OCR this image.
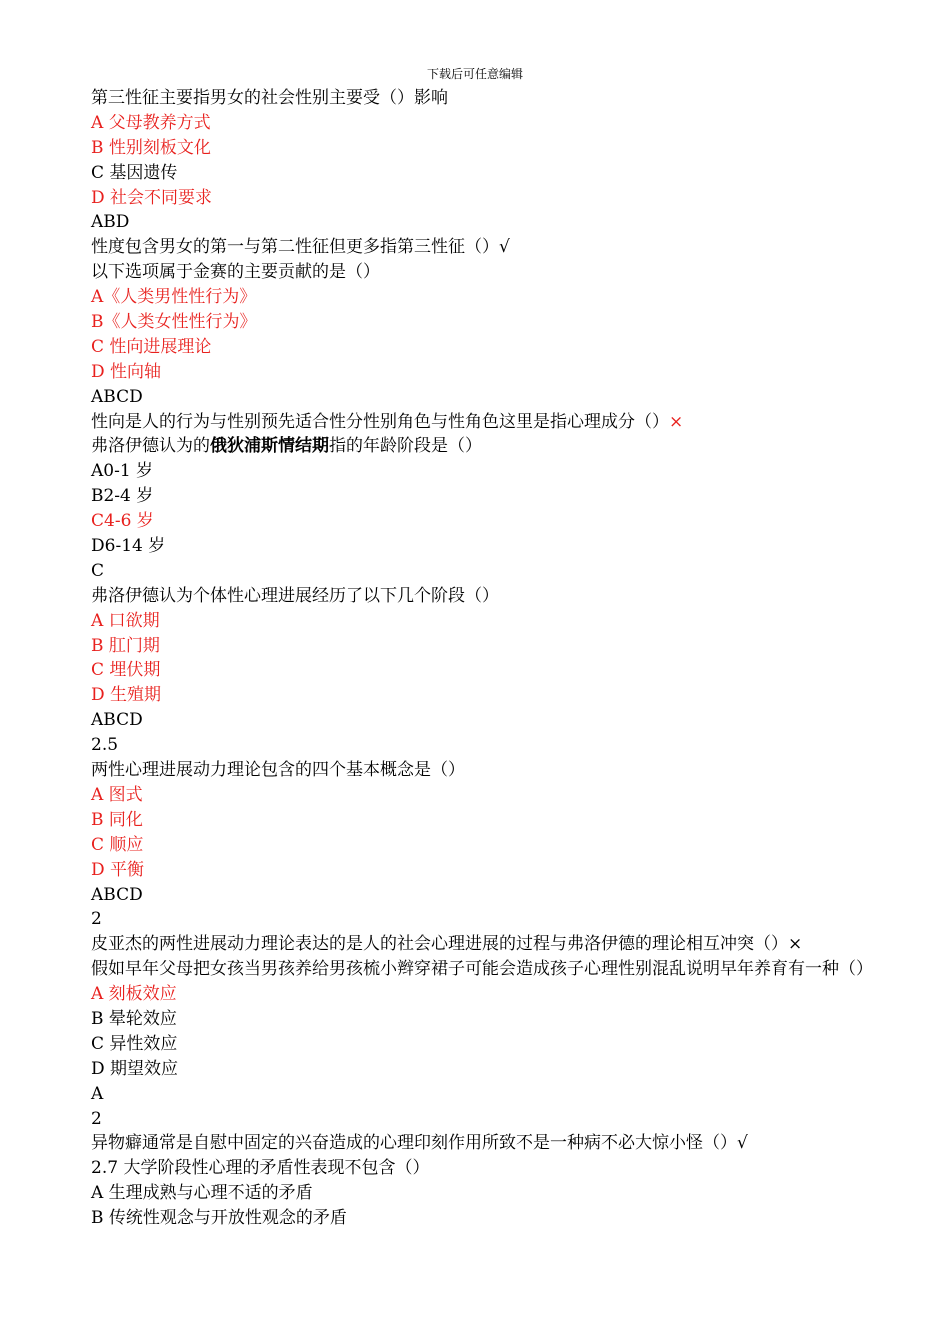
下载后可任意编辑
第三性征主要指男女的社会性别主要受（）影响
A 父母教养方式
B 性别刻板文化
C 基因遗传
D 社会不同要求
ABD
性度包含男女的第一与第二性征但更多指第三性征（）√
以下选项属于金赛的主要贡献的是（）
A《人类男性性行为》
B《人类女性性行为》
C 性向进展理论
D 性向轴
ABCD
性向是人的行为与性别预先适合性分性别角色与性角色这里是指心理成分（）×
弗洛伊德认为的俄狄浦斯情结期指的年龄阶段是（）
A0-1 岁
B2-4 岁
C4-6 岁
D6-14 岁
C
弗洛伊德认为个体性心理进展经历了以下几个阶段（）
A 口欲期
B 肛门期
C 埋伏期
D 生殖期
ABCD
2.5
两性心理进展动力理论包含的四个基本概念是（）
A 图式
B 同化
C 顺应
D 平衡
ABCD
2
皮亚杰的两性进展动力理论表达的是人的社会心理进展的过程与弗洛伊德的理论相互冲突（）×
假如早年父母把女孩当男孩养给男孩梳小辫穿裙子可能会造成孩子心理性别混乱说明早年养育有一种（）
A 刻板效应
B 晕轮效应
C 异性效应
D 期望效应
A
2
异物癖通常是自慰中固定的兴奋造成的心理印刻作用所致不是一种病不必大惊小怪（）√
2.7 大学阶段性心理的矛盾性表现不包含（）
A 生理成熟与心理不适的矛盾
B 传统性观念与开放性观念的矛盾
